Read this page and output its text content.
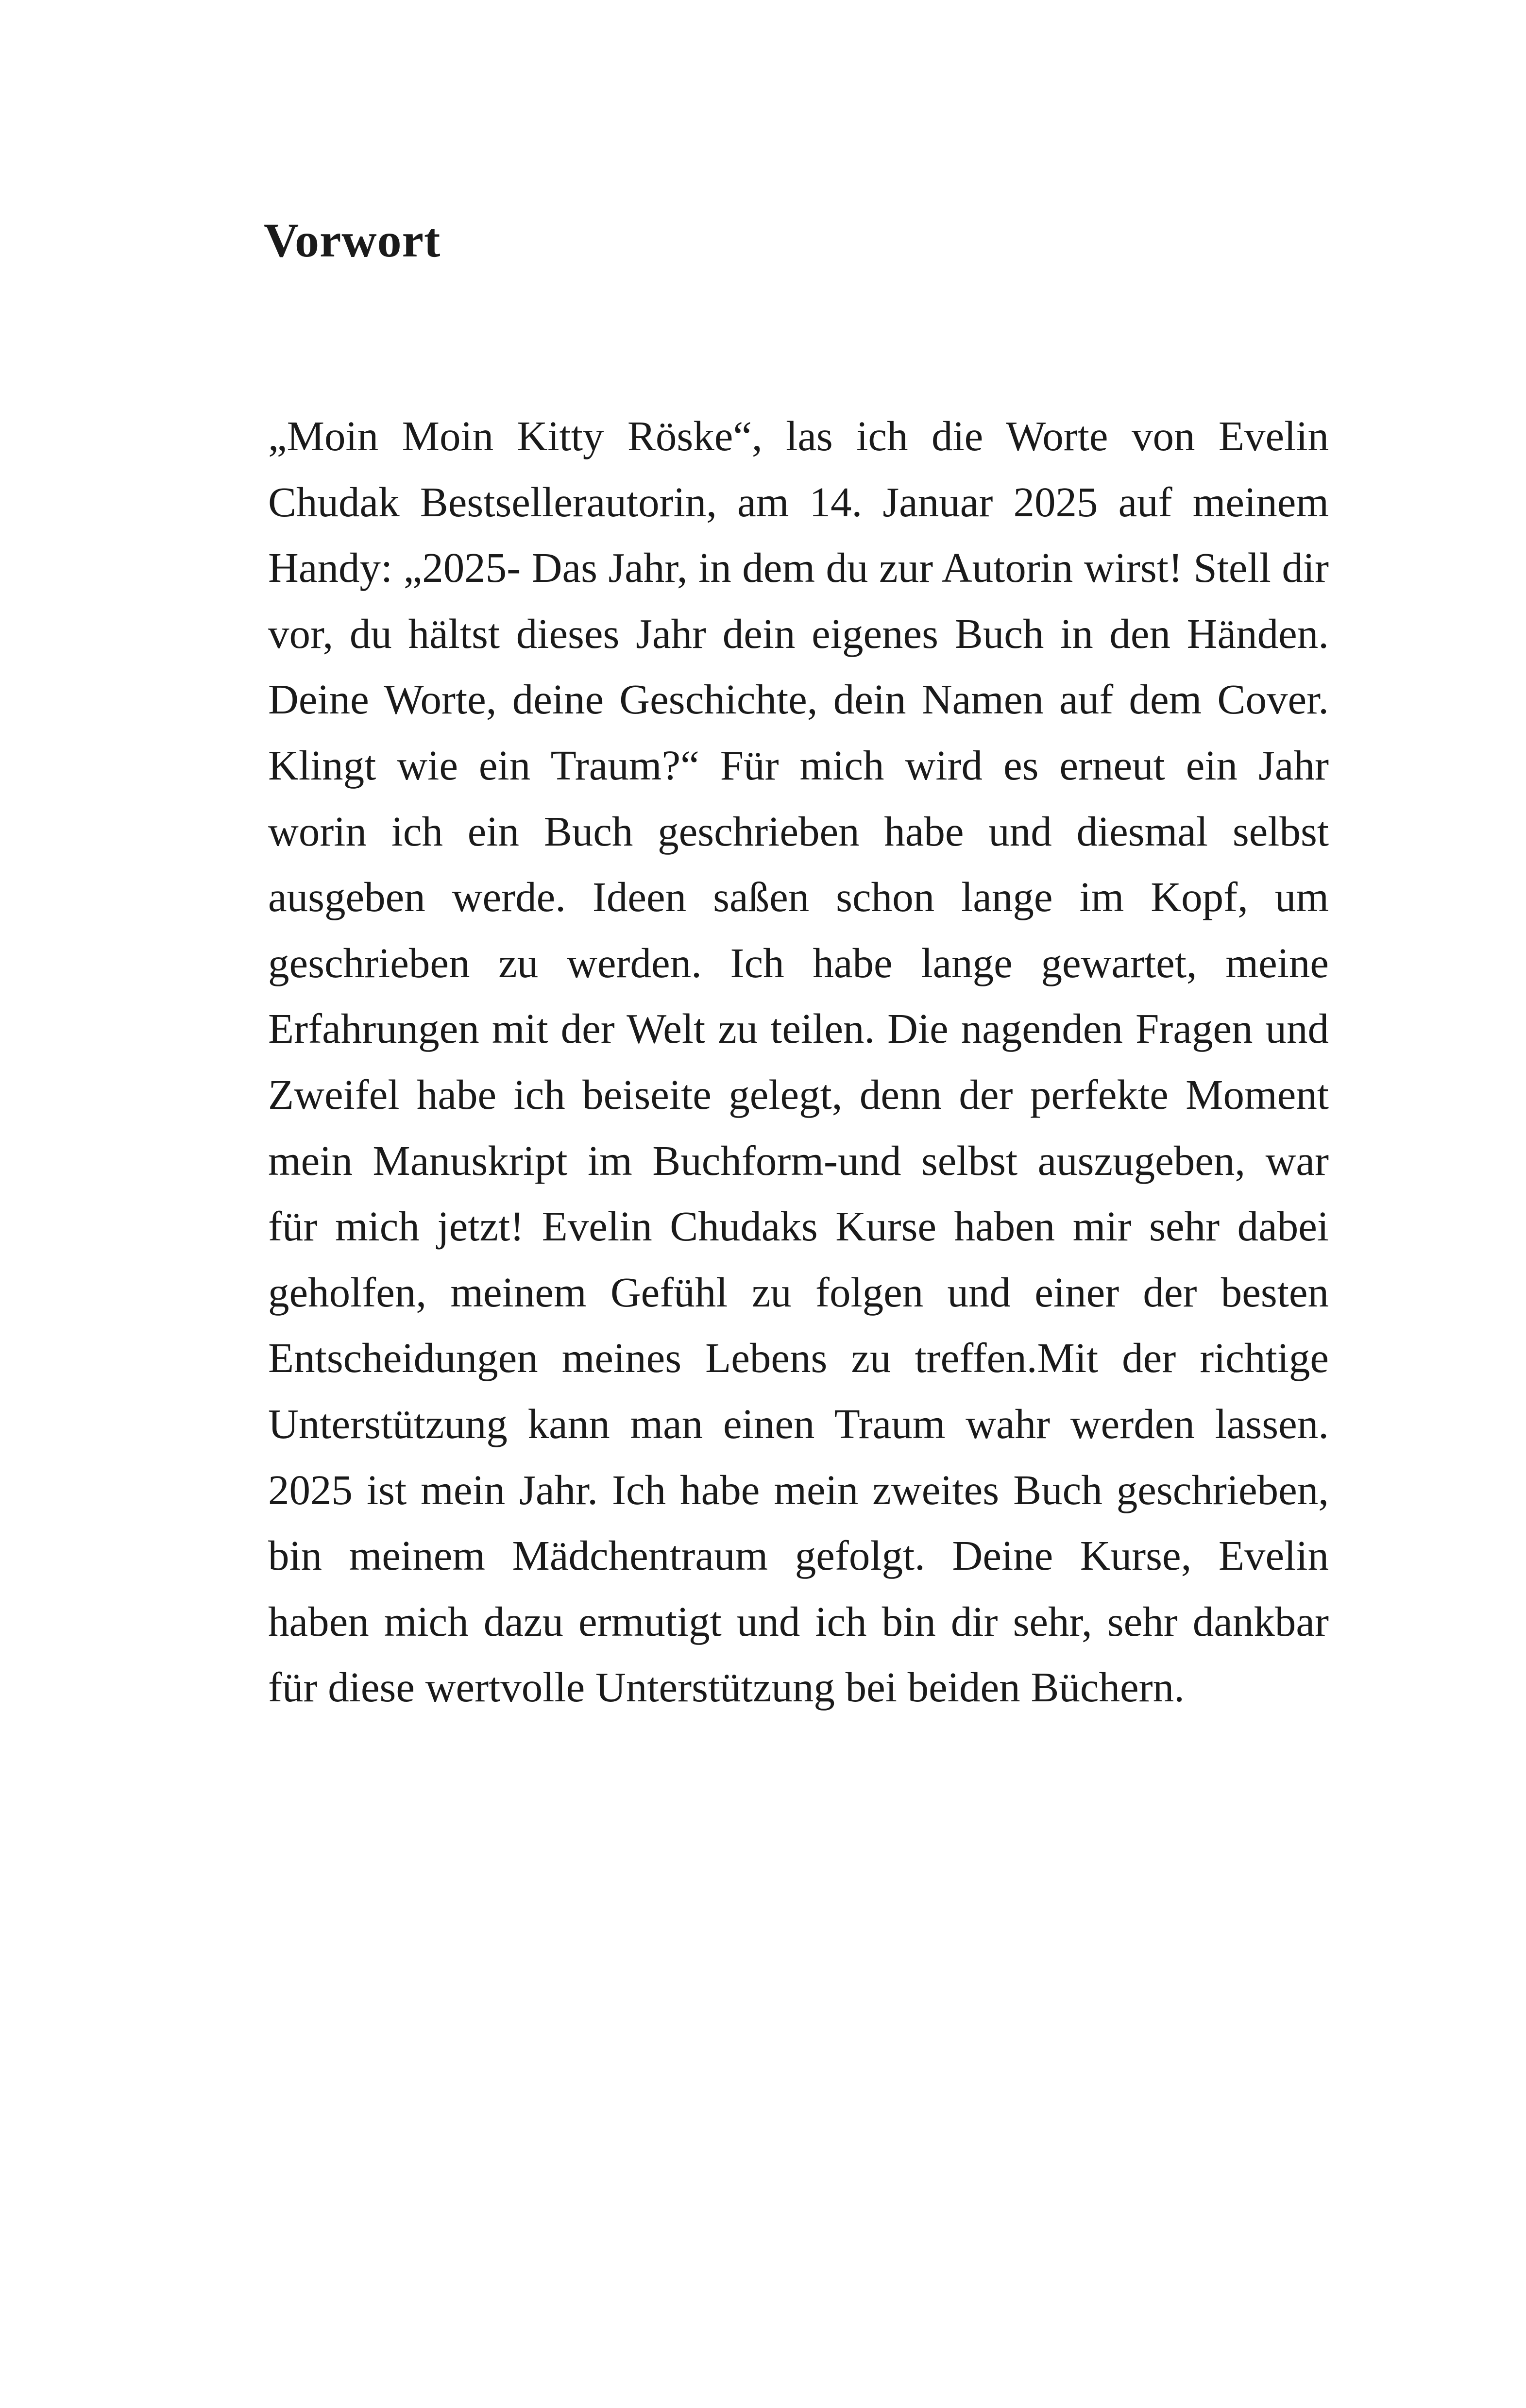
Vorwort

„Moin Moin Kitty Röske“, las ich die Worte von Evelin Chudak Bestsellerautorin, am 14. Januar 2025 auf meinem Handy: „2025- Das Jahr, in dem du zur Autorin wirst! Stell dir vor, du hältst dieses Jahr dein eigenes Buch in den Händen. Deine Worte, deine Geschichte, dein Namen auf dem Cover. Klingt wie ein Traum?“ Für mich wird es erneut ein Jahr worin ich ein Buch geschrieben habe und diesmal selbst ausgeben werde. Ideen saßen schon lange im Kopf, um geschrieben zu werden. Ich habe lange gewartet, meine Erfahrungen mit der Welt zu teilen. Die nagenden Fragen und Zweifel habe ich beiseite gelegt, denn der perfekte Moment mein Manuskript im Buchform-und selbst auszugeben, war für mich jetzt! Evelin Chudaks Kurse haben mir sehr dabei geholfen, meinem Gefühl zu folgen und einer der besten Entscheidungen meines Lebens zu treffen.Mit der richtige Unterstützung kann man einen Traum wahr werden lassen. 2025 ist mein Jahr. Ich habe mein zweites Buch geschrieben, bin meinem Mädchentraum gefolgt. Deine Kurse, Evelin haben mich dazu ermutigt und ich bin dir sehr, sehr dankbar für diese wertvolle Unterstützung bei beiden Büchern.
